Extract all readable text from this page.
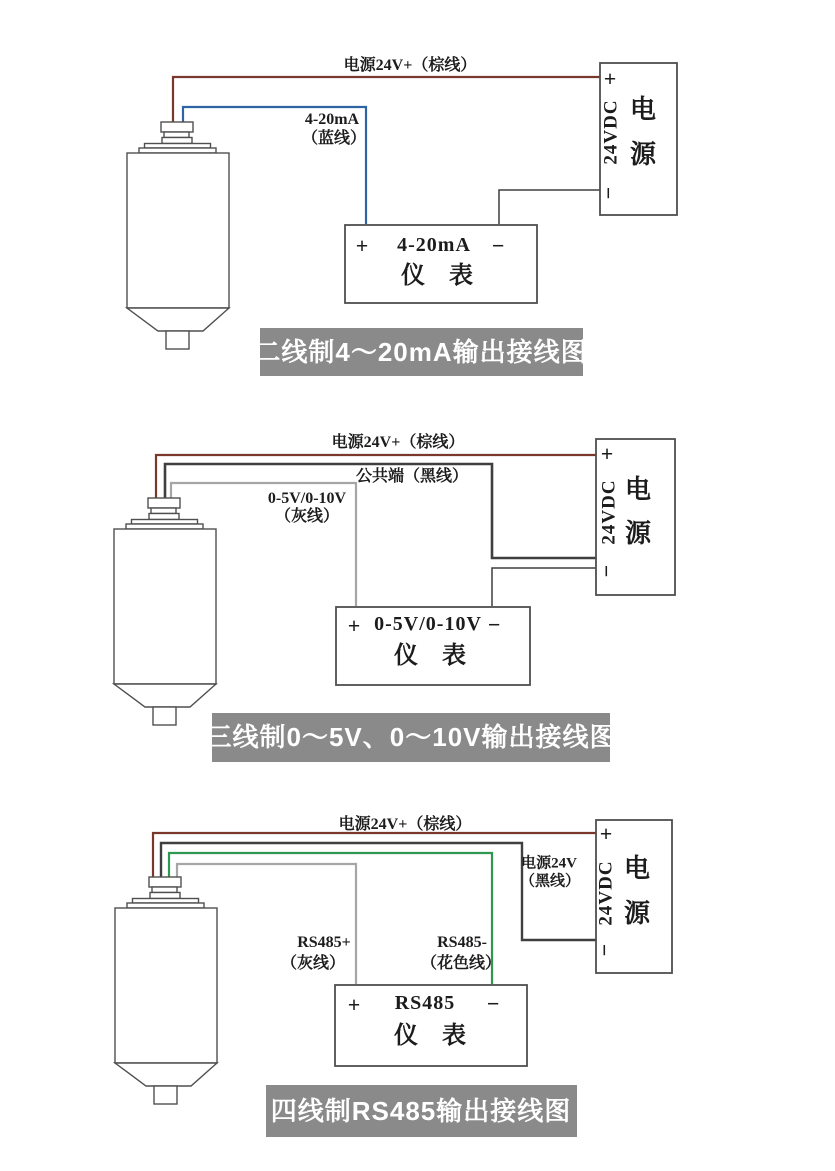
电源24V+（棕线）
4-20mA
（蓝线）
+ 4-20mA −
仪　表
+
24VDC 电
源
−
二线制4～20mA输出接线图
电源24V+（棕线）
公共端（黑线）
0-5V/0-10V
（灰线）
+ 0-5V/0-10V −
仪　表
+
24VDC 电
源
−
三线制0～5V、0～10V输出接线图
电源24V+（棕线）
电源24V
（黑线）
RS485+
（灰线）
RS485-
（花色线）
+ RS485 −
仪　表
+
24VDC 电
源
−
四线制RS485输出接线图
